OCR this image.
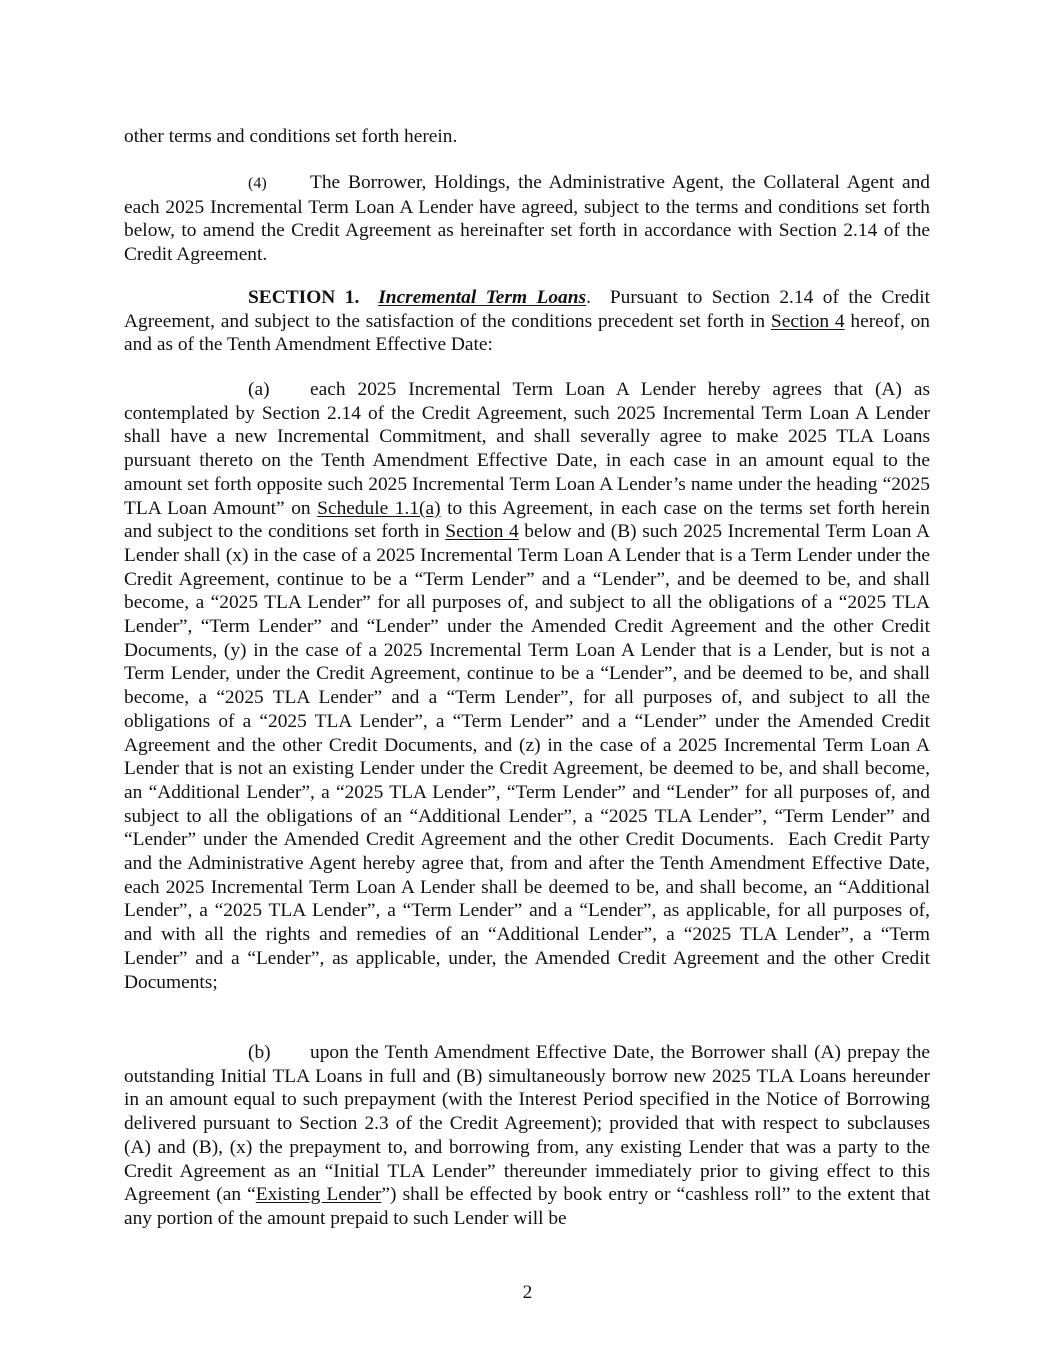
other terms and conditions set forth herein.

(4) The Borrower, Holdings, the Administrative Agent, the Collateral Agent and each 2025 Incremental Term Loan A Lender have agreed, subject to the terms and conditions set forth below, to amend the Credit Agreement as hereinafter set forth in accordance with Section 2.14 of the Credit Agreement.

SECTION 1. Incremental Term Loans.  Pursuant to Section 2.14 of the Credit Agreement, and subject to the satisfaction of the conditions precedent set forth in Section 4 hereof, on and as of the Tenth Amendment Effective Date:

(a) each 2025 Incremental Term Loan A Lender hereby agrees that (A) as contemplated by Section 2.14 of the Credit Agreement, such 2025 Incremental Term Loan A Lender shall have a new Incremental Commitment, and shall severally agree to make 2025 TLA Loans pursuant thereto on the Tenth Amendment Effective Date, in each case in an amount equal to the amount set forth opposite such 2025 Incremental Term Loan A Lender’s name under the heading “2025 TLA Loan Amount” on Schedule 1.1(a) to this Agreement, in each case on the terms set forth herein and subject to the conditions set forth in Section 4 below and (B) such 2025 Incremental Term Loan A Lender shall (x) in the case of a 2025 Incremental Term Loan A Lender that is a Term Lender under the Credit Agreement, continue to be a “Term Lender” and a “Lender”, and be deemed to be, and shall become, a “2025 TLA Lender” for all purposes of, and subject to all the obligations of a “2025 TLA Lender”, “Term Lender” and “Lender” under the Amended Credit Agreement and the other Credit Documents, (y) in the case of a 2025 Incremental Term Loan A Lender that is a Lender, but is not a Term Lender, under the Credit Agreement, continue to be a “Lender”, and be deemed to be, and shall become, a “2025 TLA Lender” and a “Term Lender”, for all purposes of, and subject to all the obligations of a “2025 TLA Lender”, a “Term Lender” and a “Lender” under the Amended Credit Agreement and the other Credit Documents, and (z) in the case of a 2025 Incremental Term Loan A Lender that is not an existing Lender under the Credit Agreement, be deemed to be, and shall become, an “Additional Lender”, a “2025 TLA Lender”, “Term Lender” and “Lender” for all purposes of, and subject to all the obligations of an “Additional Lender”, a “2025 TLA Lender”, “Term Lender” and “Lender” under the Amended Credit Agreement and the other Credit Documents.  Each Credit Party and the Administrative Agent hereby agree that, from and after the Tenth Amendment Effective Date, each 2025 Incremental Term Loan A Lender shall be deemed to be, and shall become, an “Additional Lender”, a “2025 TLA Lender”, a “Term Lender” and a “Lender”, as applicable, for all purposes of, and with all the rights and remedies of an “Additional Lender”, a “2025 TLA Lender”, a “Term Lender” and a “Lender”, as applicable, under, the Amended Credit Agreement and the other Credit Documents;

(b) upon the Tenth Amendment Effective Date, the Borrower shall (A) prepay the outstanding Initial TLA Loans in full and (B) simultaneously borrow new 2025 TLA Loans hereunder in an amount equal to such prepayment (with the Interest Period specified in the Notice of Borrowing delivered pursuant to Section 2.3 of the Credit Agreement); provided that with respect to subclauses (A) and (B), (x) the prepayment to, and borrowing from, any existing Lender that was a party to the Credit Agreement as an “Initial TLA Lender” thereunder immediately prior to giving effect to this Agreement (an “Existing Lender”) shall be effected by book entry or “cashless roll” to the extent that any portion of the amount prepaid to such Lender will be

2
